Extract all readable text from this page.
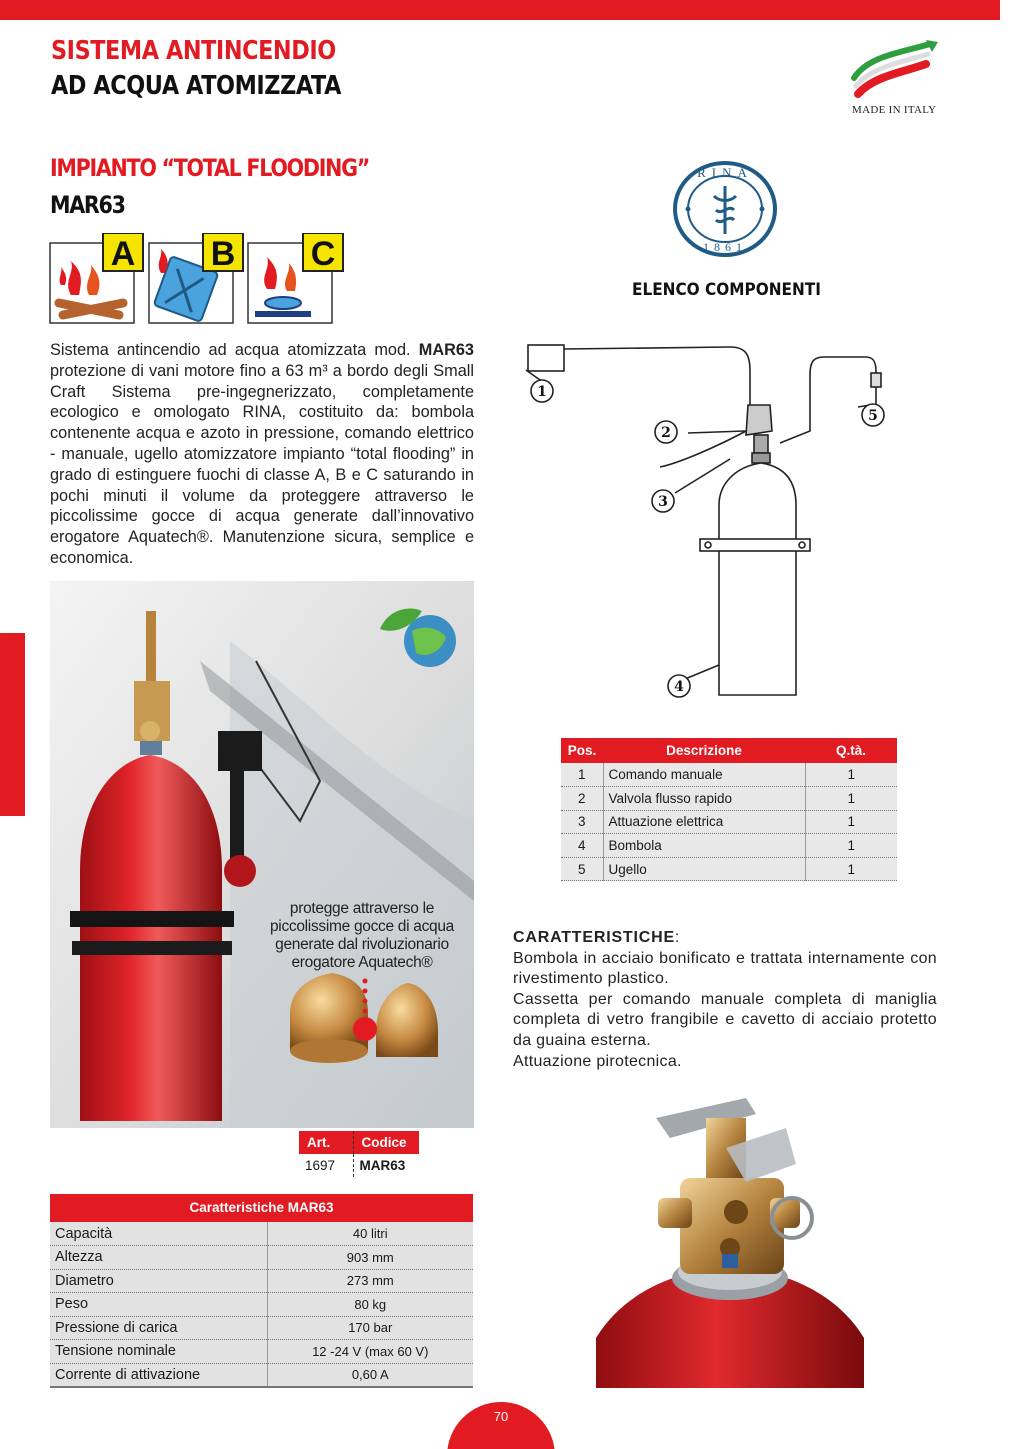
SISTEMA ANTINCENDIO
AD ACQUA ATOMIZZATA
MADE IN ITALY
IMPIANTO “TOTAL FLOODING”
MAR63
A B C
RINA
1861
ELENCO COMPONENTI
Sistema antincendio ad acqua atomizzata mod. MAR63 protezione di vani motore fino a 63 m³ a bordo degli Small Craft Sistema pre-ingegnerizzato, completamente ecologico e omologato RINA, costituito da: bombola contenente acqua e azoto in pressione, comando elettrico - manuale, ugello atomizzatore impianto “total flooding” in grado di estinguere fuochi di classe A, B e C saturando in pochi minuti il volume da proteggere attraverso le piccolissime gocce di acqua generate dall’innovativo erogatore Aquatech®. Manutenzione sicura, semplice e economica.
1
2
3
4
5
Pos.	Descrizione	Q.tà.
1	Comando manuale	1
2	Valvola flusso rapido	1
3	Attuazione elettrica	1
4	Bombola	1
5	Ugello	1
protegge attraverso le piccolissime gocce di acqua generate dal rivoluzionario erogatore Aquatech®
Art.	Codice
1697	MAR63
Caratteristiche MAR63
Capacità	40 litri
Altezza	903 mm
Diametro	273 mm
Peso	80 kg
Pressione di carica	170 bar
Tensione nominale	12 -24 V (max 60 V)
Corrente di attivazione	0,60 A
CARATTERISTICHE:
Bombola in acciaio bonificato e trattata internamente con rivestimento plastico.
Cassetta per comando manuale completa di maniglia completa di vetro frangibile e cavetto di acciaio protetto da guaina esterna.
Attuazione pirotecnica.
70
